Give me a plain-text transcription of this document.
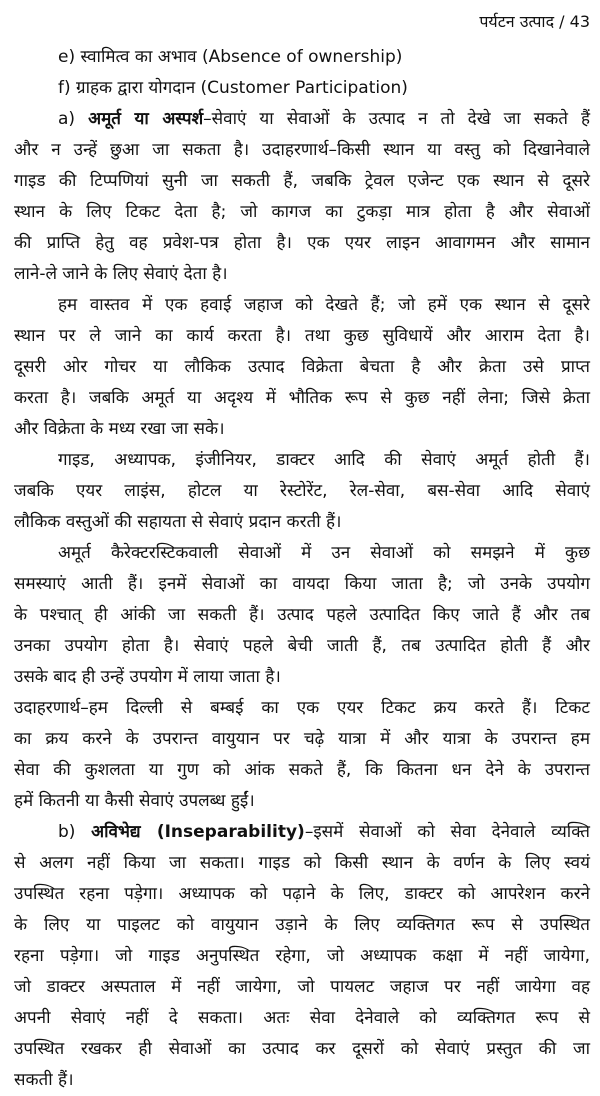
पर्यटन उत्पाद / 43
e) स्वामित्व का अभाव (Absence of ownership)
f) ग्राहक द्वारा योगदान (Customer Participation)
a) अमूर्त या अस्पर्श–सेवाएं या सेवाओं के उत्पाद न तो देखे जा सकते हैं
और न उन्हें छुआ जा सकता है। उदाहरणार्थ–किसी स्थान या वस्तु को दिखानेवाले
गाइड की टिप्पणियां सुनी जा सकती हैं, जबकि ट्रेवल एजेन्ट एक स्थान से दूसरे
स्थान के लिए टिकट देता है; जो कागज का टुकड़ा मात्र होता है और सेवाओं
की प्राप्ति हेतु वह प्रवेश-पत्र होता है। एक एयर लाइन आवागमन और सामान
लाने-ले जाने के लिए सेवाएं देता है।
हम वास्तव में एक हवाई जहाज को देखते हैं; जो हमें एक स्थान से दूसरे
स्थान पर ले जाने का कार्य करता है। तथा कुछ सुविधायें और आराम देता है।
दूसरी ओर गोचर या लौकिक उत्पाद विक्रेता बेचता है और क्रेता उसे प्राप्त
करता है। जबकि अमूर्त या अदृश्य में भौतिक रूप से कुछ नहीं लेना; जिसे क्रेता
और विक्रेता के मध्य रखा जा सके।
गाइड, अध्यापक, इंजीनियर, डाक्टर आदि की सेवाएं अमूर्त होती हैं।
जबकि एयर लाइंस, होटल या रेस्टोरेंट, रेल-सेवा, बस-सेवा आदि सेवाएं
लौकिक वस्तुओं की सहायता से सेवाएं प्रदान करती हैं।
अमूर्त कैरेक्टरस्टिकवाली सेवाओं में उन सेवाओं को समझने में कुछ
समस्याएं आती हैं। इनमें सेवाओं का वायदा किया जाता है; जो उनके उपयोग
के पश्चात् ही आंकी जा सकती हैं। उत्पाद पहले उत्पादित किए जाते हैं और तब
उनका उपयोग होता है। सेवाएं पहले बेची जाती हैं, तब उत्पादित होती हैं और
उसके बाद ही उन्हें उपयोग में लाया जाता है।
उदाहरणार्थ–हम दिल्ली से बम्बई का एक एयर टिकट क्रय करते हैं। टिकट
का क्रय करने के उपरान्त वायुयान पर चढ़े यात्रा में और यात्रा के उपरान्त हम
सेवा की कुशलता या गुण को आंक सकते हैं, कि कितना धन देने के उपरान्त
हमें कितनी या कैसी सेवाएं उपलब्ध हुईं।
b) अविभेद्य (Inseparability)–इसमें सेवाओं को सेवा देनेवाले व्यक्ति
से अलग नहीं किया जा सकता। गाइड को किसी स्थान के वर्णन के लिए स्वयं
उपस्थित रहना पड़ेगा। अध्यापक को पढ़ाने के लिए, डाक्टर को आपरेशन करने
के लिए या पाइलट को वायुयान उड़ाने के लिए व्यक्तिगत रूप से उपस्थित
रहना पड़ेगा। जो गाइड अनुपस्थित रहेगा, जो अध्यापक कक्षा में नहीं जायेगा,
जो डाक्टर अस्पताल में नहीं जायेगा, जो पायलट जहाज पर नहीं जायेगा वह
अपनी सेवाएं नहीं दे सकता। अतः सेवा देनेवाले को व्यक्तिगत रूप से
उपस्थित रखकर ही सेवाओं का उत्पाद कर दूसरों को सेवाएं प्रस्तुत की जा
सकती हैं।
